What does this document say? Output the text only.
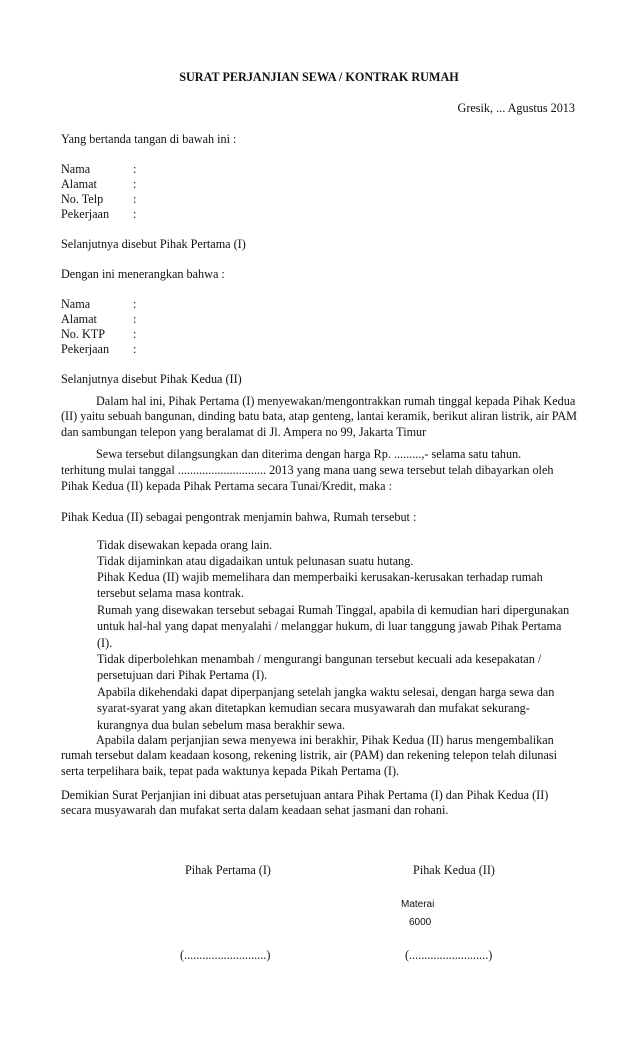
SURAT PERJANJIAN SEWA / KONTRAK RUMAH
Gresik, ... Agustus 2013
Yang bertanda tangan di bawah ini :
Nama	:
Alamat	:
No. Telp :
Pekerjaan :
Selanjutnya disebut Pihak Pertama (I)
Dengan ini menerangkan bahwa :
Nama	:
Alamat	:
No. KTP :
Pekerjaan :
Selanjutnya disebut Pihak Kedua (II)
Dalam hal ini, Pihak Pertama (I) menyewakan/mengontrakkan rumah tinggal kepada Pihak Kedua (II) yaitu sebuah bangunan, dinding batu bata, atap genteng, lantai keramik, berikut aliran listrik, air PAM dan sambungan telepon yang beralamat di Jl. Ampera no 99, Jakarta Timur
Sewa tersebut dilangsungkan dan diterima dengan harga Rp. .........,- selama satu tahun.
terhitung mulai tanggal ............................. 2013 yang mana uang sewa tersebut telah dibayarkan oleh
Pihak Kedua (II) kepada Pihak Pertama secara Tunai/Kredit, maka :
Pihak Kedua (II) sebagai pengontrak menjamin bahwa, Rumah tersebut :
Tidak disewakan kepada orang lain.
Tidak dijaminkan atau digadaikan untuk pelunasan suatu hutang.
Pihak Kedua (II) wajib memelihara dan memperbaiki kerusakan-kerusakan terhadap rumah tersebut selama masa kontrak.
Rumah yang disewakan tersebut sebagai Rumah Tinggal, apabila di kemudian hari dipergunakan untuk hal-hal yang dapat menyalahi / melanggar hukum, di luar tanggung jawab Pihak Pertama (I).
Tidak diperbolehkan menambah / mengurangi bangunan tersebut kecuali ada kesepakatan / persetujuan dari Pihak Pertama (I).
Apabila dikehendaki dapat diperpanjang setelah jangka waktu selesai, dengan harga sewa dan syarat-syarat yang akan ditetapkan kemudian secara musyawarah dan mufakat sekurang-kurangnya dua bulan sebelum masa berakhir sewa.
Apabila dalam perjanjian sewa menyewa ini berakhir, Pihak Kedua (II) harus mengembalikan rumah tersebut dalam keadaan kosong, rekening listrik, air (PAM) dan rekening telepon telah dilunasi serta terpelihara baik, tepat pada waktunya kepada Pikah Pertama (I).
Demikian Surat Perjanjian ini dibuat atas persetujuan antara Pihak Pertama (I) dan Pihak Kedua (II) secara musyawarah dan mufakat serta dalam keadaan sehat jasmani dan rohani.
Pihak Pertama (I)	Pihak Kedua (II)
Materai
6000
(...........................)	(..........................)
